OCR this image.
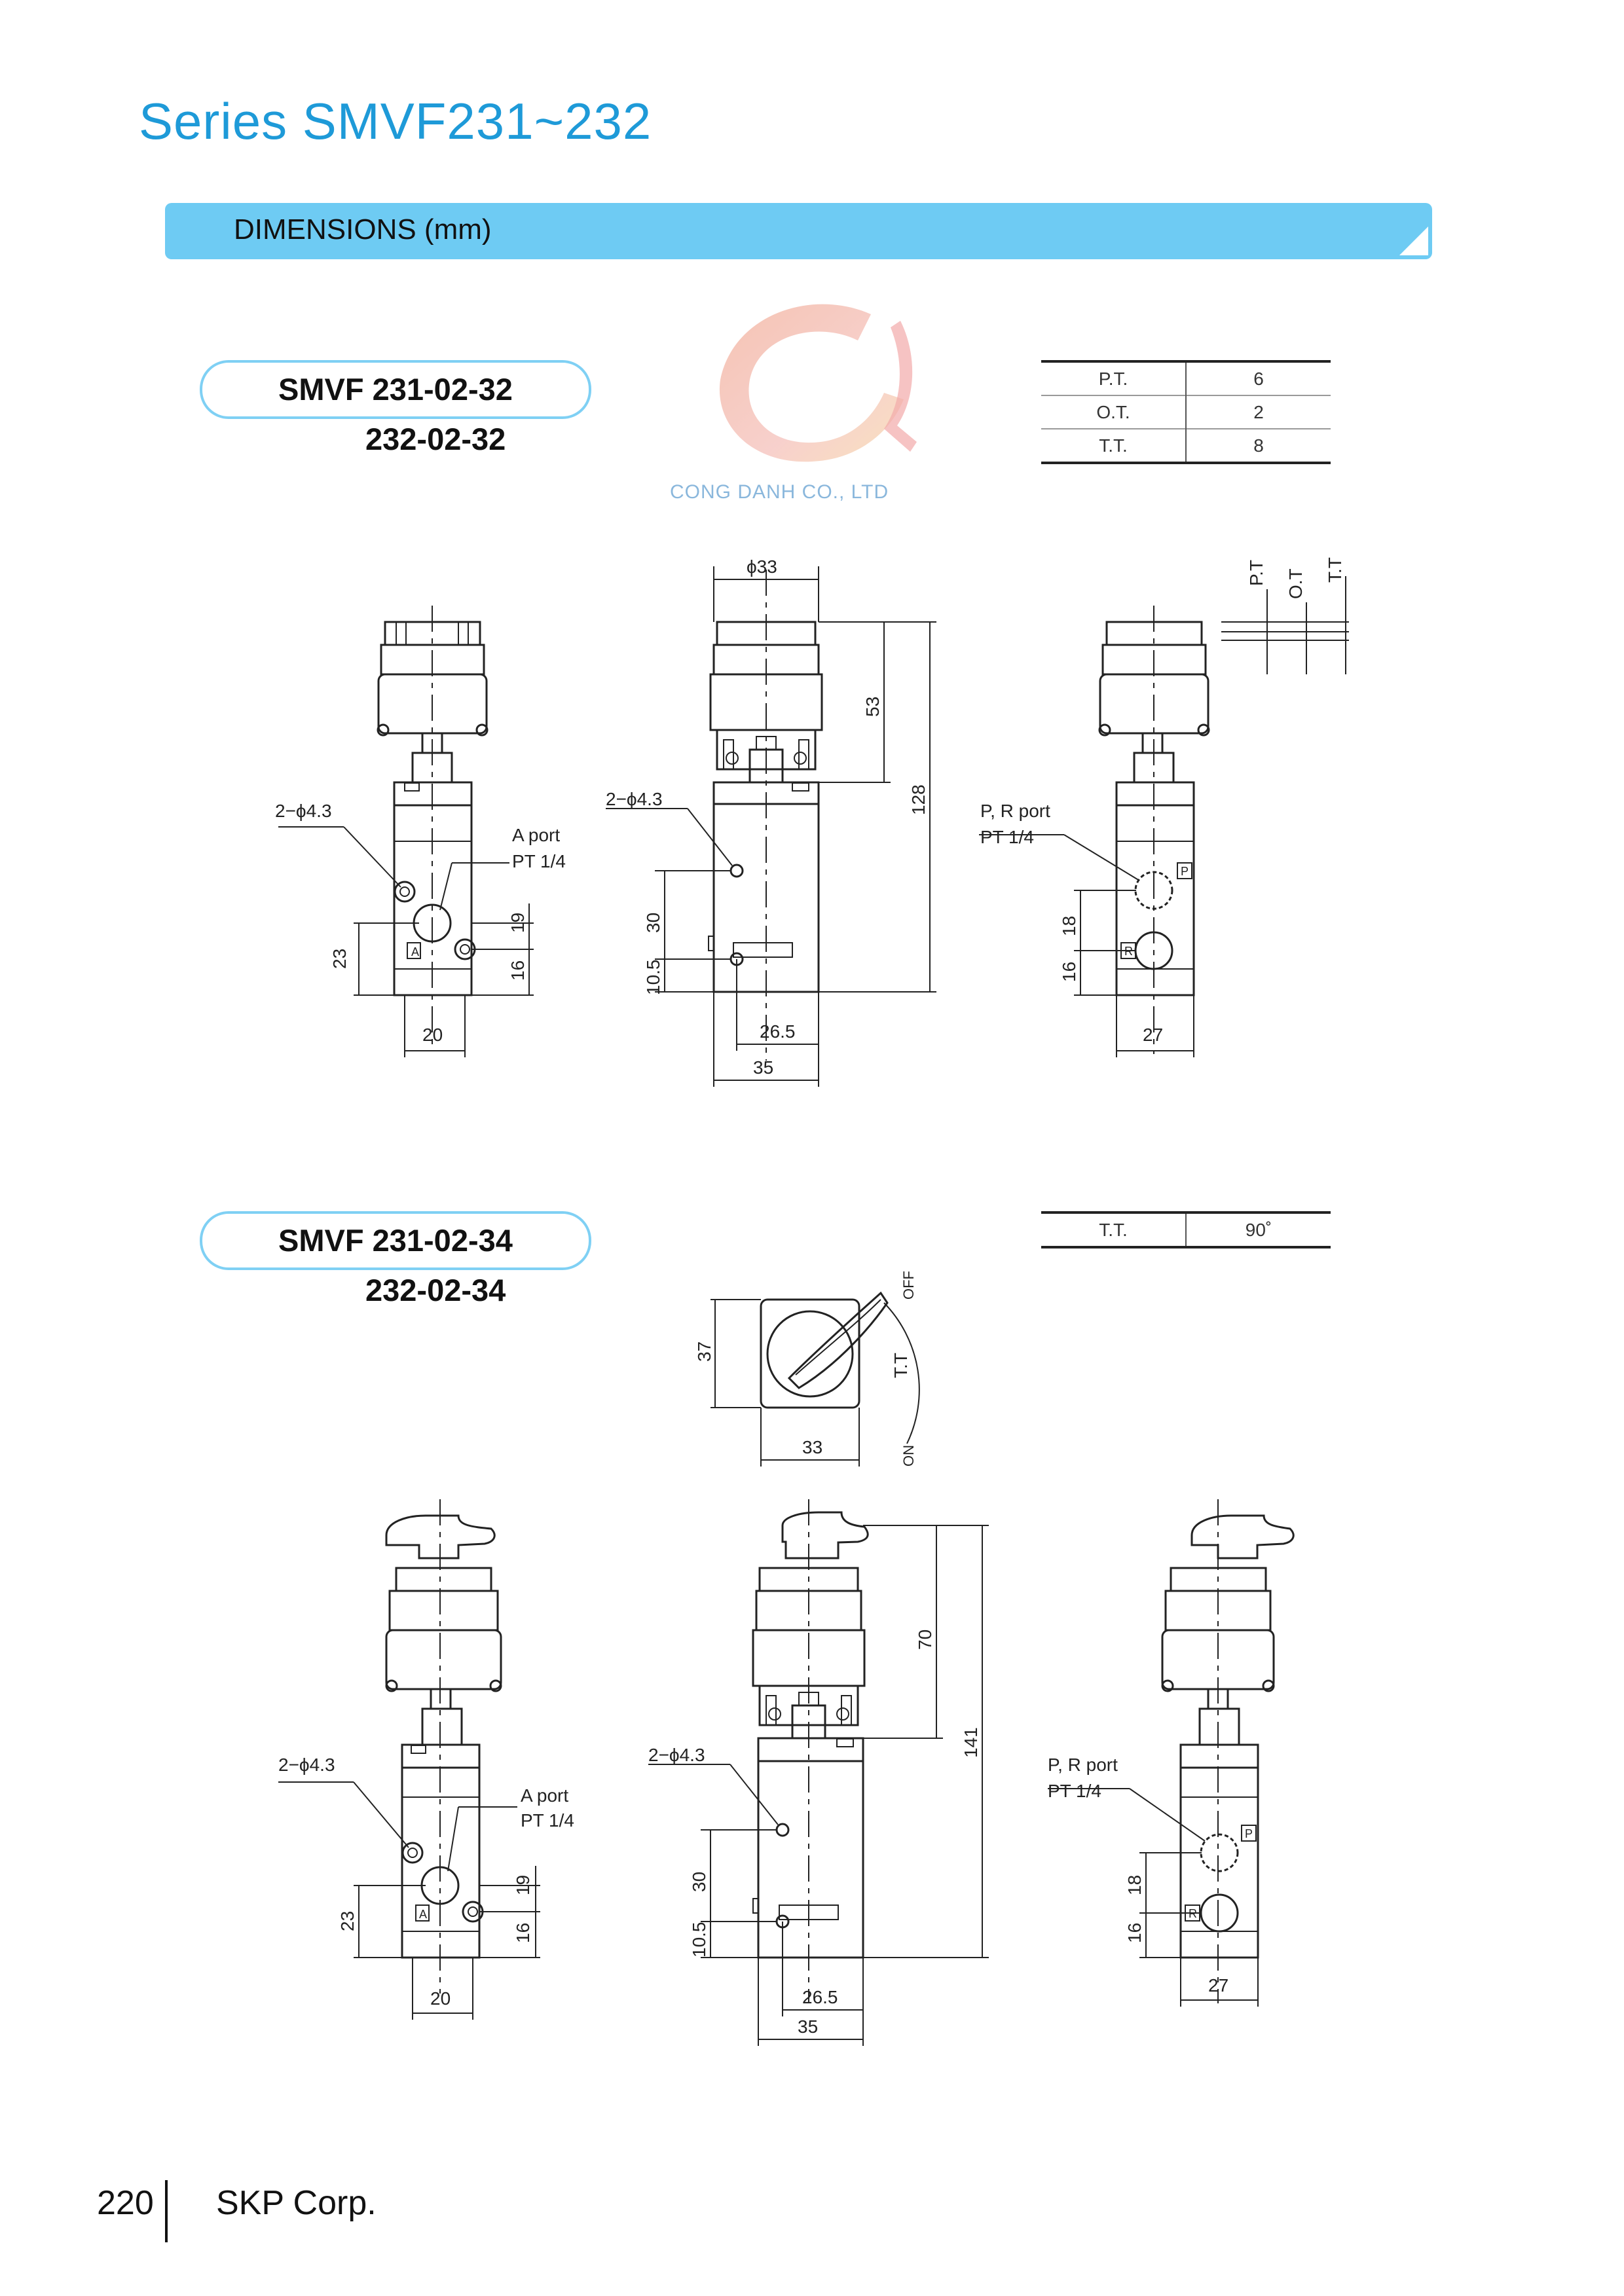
Series SMVF231~232
DIMENSIONS (mm)
SMVF 231-02-32
232-02-32
P.T.	6
O.T.	2
T.T.	8
SMVF 231-02-34
232-02-34
T.T.	90˚
CONG DANH CO., LTD
A
2−ϕ4.3
A port
PT 1/4
23
19
16
20
ϕ33
53
128
2−ϕ4.3
30
10.5
26.5
35
P
R
P, R port
PT 1/4
18
16
27
P.T O.T T.T
37
33
OFF
ON
T.T
A
2−ϕ4.3
A port
PT 1/4
23
19
16
20
70
141
2−ϕ4.3
30
10.5
26.5
35
P
R
P, R port
PT 1/4
18
16
27
220 SKP Corp.
